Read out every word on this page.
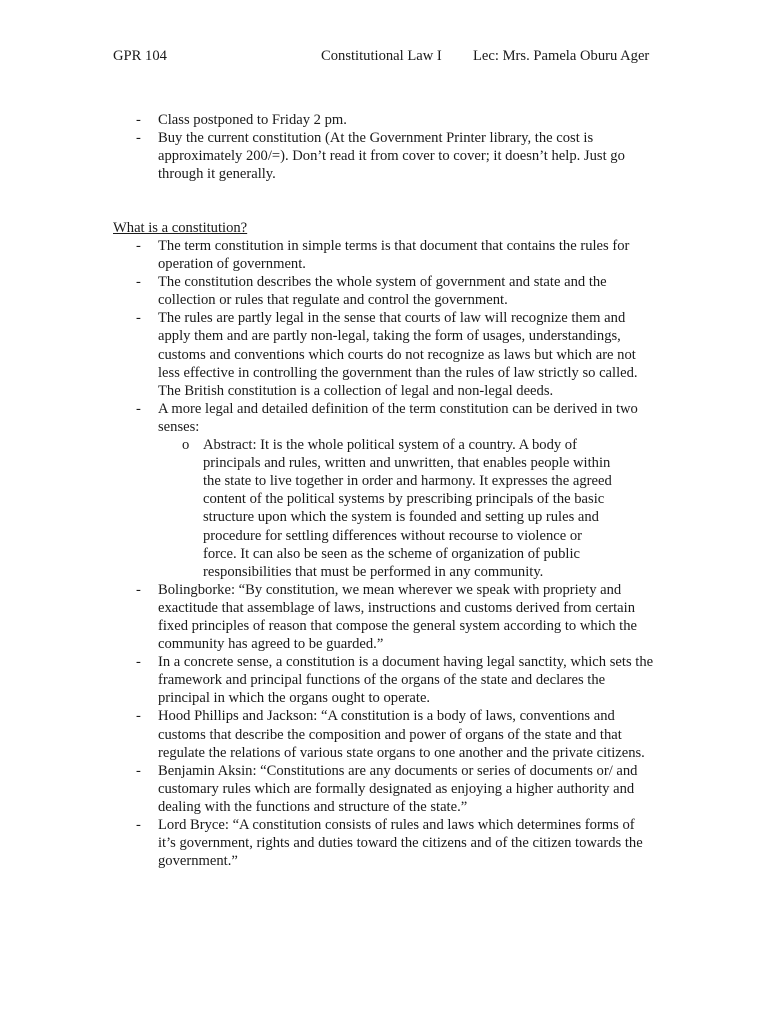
GPR 104	Constitutional Law I Lec: Mrs. Pamela Oburu Ager
- Class postponed to Friday 2 pm.
- Buy the current constitution (At the Government Printer library, the cost is approximately 200/=). Don’t read it from cover to cover; it doesn’t help. Just go through it generally.
What is a constitution?
- The term constitution in simple terms is that document that contains the rules for operation of government.
- The constitution describes the whole system of government and state and the collection or rules that regulate and control the government.
- The rules are partly legal in the sense that courts of law will recognize them and apply them and are partly non-legal, taking the form of usages, understandings, customs and conventions which courts do not recognize as laws but which are not less effective in controlling the government than the rules of law strictly so called. The British constitution is a collection of legal and non-legal deeds.
- A more legal and detailed definition of the term constitution can be derived in two senses:
o Abstract: It is the whole political system of a country. A body of principals and rules, written and unwritten, that enables people within the state to live together in order and harmony. It expresses the agreed content of the political systems by prescribing principals of the basic structure upon which the system is founded and setting up rules and procedure for settling differences without recourse to violence or force. It can also be seen as the scheme of organization of public responsibilities that must be performed in any community.
- Bolingborke: “By constitution, we mean wherever we speak with propriety and exactitude that assemblage of laws, instructions and customs derived from certain fixed principles of reason that compose the general system according to which the community has agreed to be guarded.”
- In a concrete sense, a constitution is a document having legal sanctity, which sets the framework and principal functions of the organs of the state and declares the principal in which the organs ought to operate.
- Hood Phillips and Jackson: “A constitution is a body of laws, conventions and customs that describe the composition and power of organs of the state and that regulate the relations of various state organs to one another and the private citizens.
- Benjamin Aksin: “Constitutions are any documents or series of documents or/ and customary rules which are formally designated as enjoying a higher authority and dealing with the functions and structure of the state.”
- Lord Bryce: “A constitution consists of rules and laws which determines forms of it’s government, rights and duties toward the citizens and of the citizen towards the government.”
